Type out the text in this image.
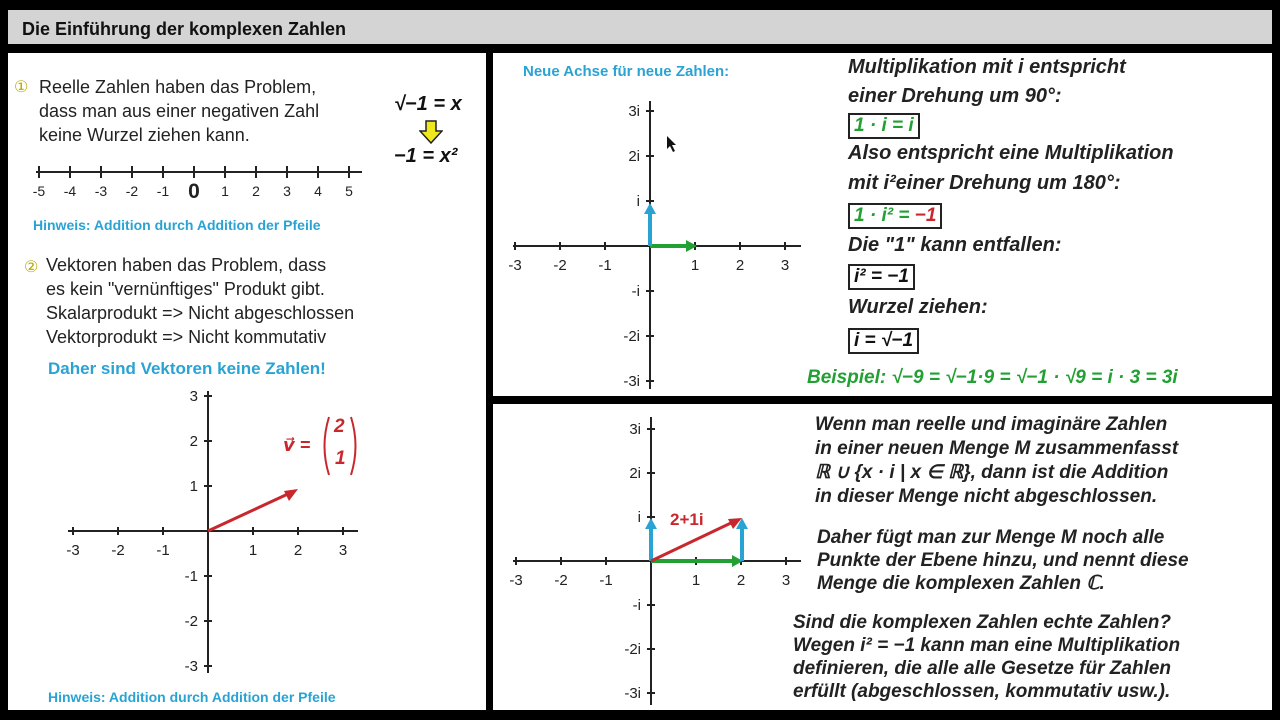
Die Einführung der komplexen Zahlen
① Reelle Zahlen haben das Problem,
dass man aus einer negativen Zahl
keine Wurzel ziehen kann.
√−1 = x
−1 = x²
-5 -4 -3 -2 -1 0 1 2 3 4 5
Hinweis: Addition durch Addition der Pfeile
② Vektoren haben das Problem, dass
es kein "vernünftiges" Produkt gibt.
Skalarprodukt => Nicht abgeschlossen
Vektorprodukt => Nicht kommutativ
Daher sind Vektoren keine Zahlen!
-3 -2 -1	1 2 3
3
2
1
-1
-2
-3
v⃗ =
2
1
Hinweis: Addition durch Addition der Pfeile
Neue Achse für neue Zahlen:
-3 -2 -1	1 2 3
3i
2i
i
-i
-2i
-3i
Multiplikation mit i entspricht
einer Drehung um 90°:
1 · i = i
Also entspricht eine Multiplikation
mit i²einer Drehung um 180°:
1 · i² = −1
Die "1" kann entfallen:
i² = −1
Wurzel ziehen:
i = √−1
Beispiel: √−9 = √−1·9 = √−1 · √9 = i · 3 = 3i
-3 -2 -1	1 2 3
3i
2i
i
-i
-2i
-3i
2+1i
Wenn man reelle und imaginäre Zahlen
in einer neuen Menge M zusammenfasst
ℝ ∪ {x · i | x ∈ ℝ}, dann ist die Addition
in dieser Menge nicht abgeschlossen.
Daher fügt man zur Menge M noch alle
Punkte der Ebene hinzu, und nennt diese
Menge die komplexen Zahlen ℂ.
Sind die komplexen Zahlen echte Zahlen?
Wegen i² = −1 kann man eine Multiplikation
definieren, die alle alle Gesetze für Zahlen
erfüllt (abgeschlossen, kommutativ usw.).
